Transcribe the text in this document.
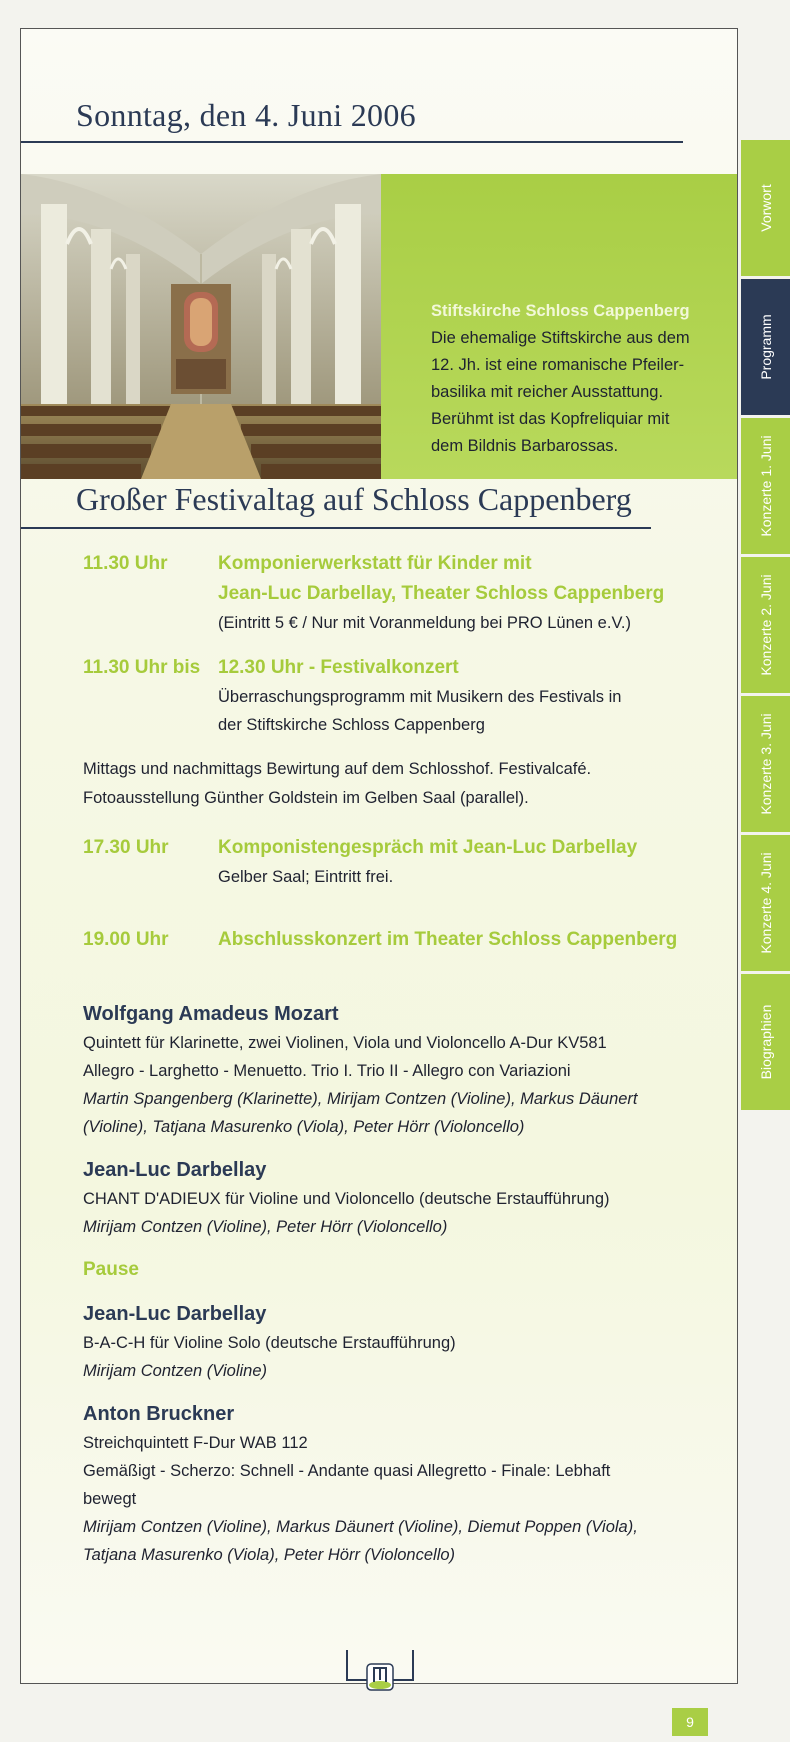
Sonntag, den 4. Juni 2006
Stiftskirche Schloss Cappenberg
Die ehemalige Stiftskirche aus dem
12. Jh. ist eine romanische Pfeiler-
basilika mit reicher Ausstattung.
Berühmt ist das Kopfreliquiar mit
dem Bildnis Barbarossas.
Großer Festivaltag auf Schloss Cappenberg
11.30 Uhr	Komponierwerkstatt für Kinder mit
Jean-Luc Darbellay, Theater Schloss Cappenberg
(Eintritt 5 € / Nur mit Voranmeldung bei PRO Lünen e.V.)
11.30 Uhr bis 12.30 Uhr - Festivalkonzert
Überraschungsprogramm mit Musikern des Festivals in
der Stiftskirche Schloss Cappenberg
Mittags und nachmittags Bewirtung auf dem Schlosshof. Festivalcafé.
Fotoausstellung Günther Goldstein im Gelben Saal (parallel).
17.30 Uhr	Komponistengespräch mit Jean-Luc Darbellay
Gelber Saal; Eintritt frei.
19.00 Uhr	Abschlusskonzert im Theater Schloss Cappenberg
Wolfgang Amadeus Mozart
Quintett für Klarinette, zwei Violinen, Viola und Violoncello A-Dur KV581
Allegro - Larghetto - Menuetto. Trio I. Trio II - Allegro con Variazioni
Martin Spangenberg (Klarinette), Mirijam Contzen (Violine), Markus Däunert
(Violine), Tatjana Masurenko (Viola), Peter Hörr (Violoncello)
Jean-Luc Darbellay
CHANT D'ADIEUX für Violine und Violoncello (deutsche Erstaufführung)
Mirijam Contzen (Violine), Peter Hörr (Violoncello)
Pause
Jean-Luc Darbellay
B-A-C-H für Violine Solo (deutsche Erstaufführung)
Mirijam Contzen (Violine)
Anton Bruckner
Streichquintett F-Dur WAB 112
Gemäßigt - Scherzo: Schnell - Andante quasi Allegretto - Finale: Lebhaft
bewegt
Mirijam Contzen (Violine), Markus Däunert (Violine), Diemut Poppen (Viola),
Tatjana Masurenko (Viola), Peter Hörr (Violoncello)
Vorwort
Programm
Konzerte 1. Juni
Konzerte 2. Juni
Konzerte 3. Juni
Konzerte 4. Juni
Biographien
9
